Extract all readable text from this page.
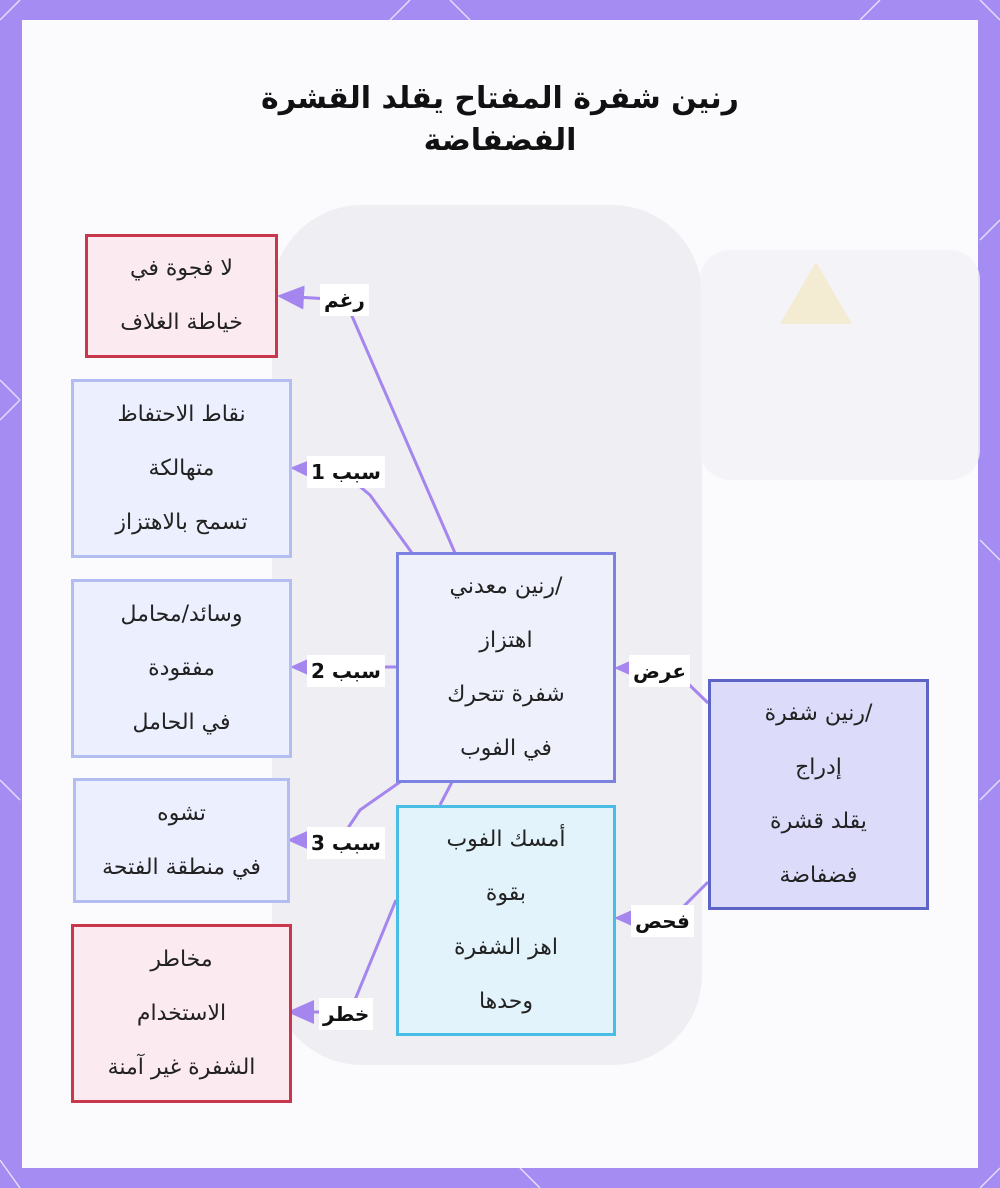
رنين شفرة المفتاح يقلد القشرة
الفضفاضة
لا فجوة في
خياطة الغلاف
نقاط الاحتفاظ
متهالكة
تسمح بالاهتزاز
وسائد/محامل
مفقودة
في الحامل
تشوه
في منطقة الفتحة
مخاطر
الاستخدام
الشفرة غير آمنة
رنين معدني/
اهتزاز
شفرة تتحرك
في الفوب
رنين شفرة/
إدراج
يقلد قشرة
فضفاضة
أمسك الفوب
بقوة
اهز الشفرة
وحدها
رغم
سبب 1
سبب 2
سبب 3
خطر
عرض
فحص
